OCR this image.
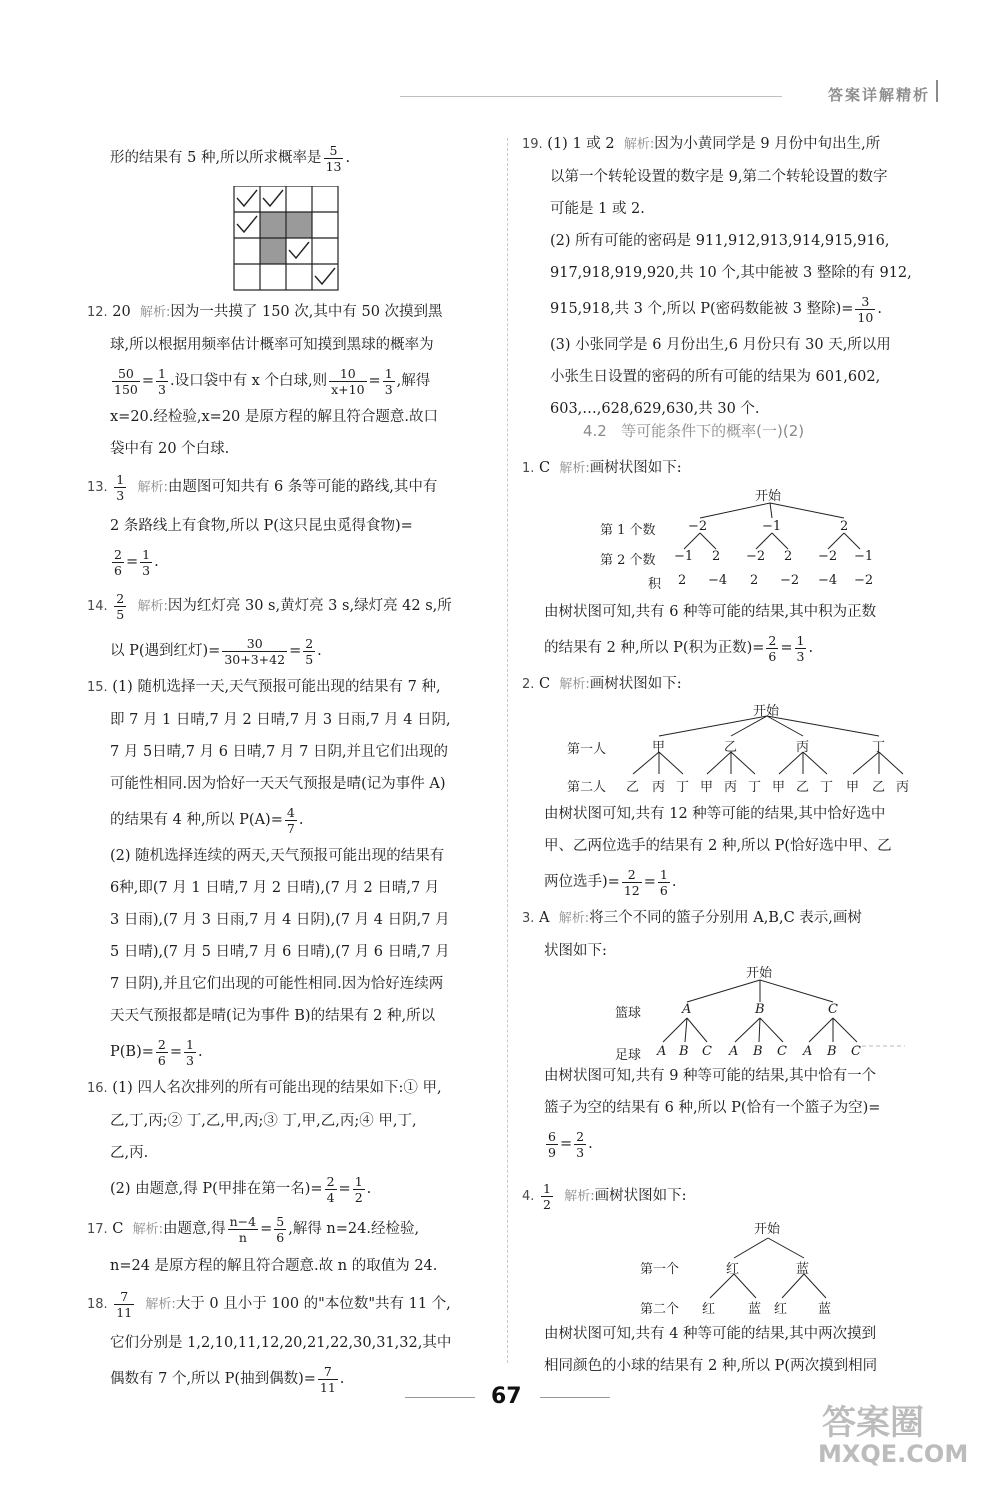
答案详解精析

形的结果有 5 种,所以所求概率是 $\frac{5}{13}$ .

12. 20 解析:因为一共摸了 150 次,其中有 50 次摸到黑

球,所以根据用频率估计概率可知摸到黑球的概率为

$\frac{50}{150} = \frac{1}{3}$ .设口袋中有 x 个白球,则 $\frac{10}{x+10} = \frac{1}{3}$ ,解得

x=20.经检验,x=20 是原方程的解且符合题意.故口

袋中有 20 个白球.

13. $\frac{1}{3}$ 解析:由题图可知共有 6 条等可能的路线,其中有

2 条路线上有食物,所以 P(这只昆虫觅得食物)=

$\frac{2}{6} = \frac{1}{3}$ .

14. $\frac{2}{5}$ 解析:因为红灯亮 30 s,黄灯亮 3 s,绿灯亮 42 s,所

以 P(遇到红灯)= $\frac{30}{30+3+42} = \frac{2}{5}$ .

15. (1) 随机选择一天,天气预报可能出现的结果有 7 种,

即 7 月 1 日晴,7 月 2 日晴,7 月 3 日雨,7 月 4 日阴,

7 月 5日晴,7 月 6 日晴,7 月 7 日阴,并且它们出现的

可能性相同.因为恰好一天天气预报是晴(记为事件 A)

的结果有 4 种,所以 $P(A)= \frac{4}{7}$ .

(2) 随机选择连续的两天,天气预报可能出现的结果有

6种,即(7 月 1 日晴,7 月 2 日晴),(7 月 2 日晴,7 月

3 日雨),(7 月 3 日雨,7 月 4 日阴),(7 月 4 日阴,7 月

5 日晴),(7 月 5 日晴,7 月 6 日晴),(7 月 6 日晴,7 月

7 日阴),并且它们出现的可能性相同.因为恰好连续两

天天气预报都是晴(记为事件 B)的结果有 2 种,所以

$P(B)= \frac{2}{6} = \frac{1}{3}$ .

16. (1) 四人名次排列的所有可能出现的结果如下:① 甲,

乙,丁,丙;② 丁,乙,甲,丙;③ 丁,甲,乙,丙;④ 甲,丁,

乙,丙.

(2) 由题意,得 P(甲排在第一名)= $\frac{2}{4} = \frac{1}{2}$ .

17. C 解析:由题意,得 $\frac{n-4}{n} = \frac{5}{6}$ ,解得 n=24.经检验,

n=24 是原方程的解且符合题意.故 n 的取值为 24.

18. $\frac{7}{11}$ 解析:大于 0 且小于 100 的"本位数"共有 11 个,

它们分别是 1,2,10,11,12,20,21,22,30,31,32,其中

偶数有 7 个,所以 P(抽到偶数)= $\frac{7}{11}$ .

19. (1) 1 或 2 解析:因为小黄同学是 9 月份中旬出生,所

以第一个转轮设置的数字是 9,第二个转轮设置的数字

可能是 1 或 2.

(2) 所有可能的密码是 911,912,913,914,915,916,

917,918,919,920,共 10 个,其中能被 3 整除的有 912,

915,918,共 3 个,所以 P(密码数能被 3 整除)= $\frac{3}{10}$ .

(3) 小张同学是 6 月份出生,6 月份只有 30 天,所以用

小张生日设置的密码的所有可能的结果为 601,602,

603,…,628,629,630,共 30 个.

4.2 等可能条件下的概率(一)(2)

1. C 解析:画树状图如下:

开始
第 1 个数 −2	−1	2
第 2 个数 −1 2 −2 2 −2 −1
积 2 −4 2 −2 −4 −2

由树状图可知,共有 6 种等可能的结果,其中积为正数

的结果有 2 种,所以 P(积为正数)= $\frac{2}{6} = \frac{1}{3}$ .

2. C 解析:画树状图如下:

开始
第一人	甲	乙	丙	丁
第二人 乙 丙 丁 甲 丙 丁 甲 乙 丁 甲 乙 丙

由树状图可知,共有 12 种等可能的结果,其中恰好选中

甲、乙两位选手的结果有 2 种,所以 P(恰好选中甲、乙

两位选手)= $\frac{2}{12} = \frac{1}{6}$ .

3. A 解析:将三个不同的篮子分别用 A,B,C 表示,画树

状图如下:

开始
篮球	A	B	C
足球 A B C A B C A B C

由树状图可知,共有 9 种等可能的结果,其中恰有一个

篮子为空的结果有 6 种,所以 P(恰有一个篮子为空)=

$\frac{6}{9} = \frac{2}{3}$ .

4. $\frac{1}{2}$ 解析:画树状图如下:

开始
第一个	红	蓝
第二个 红	蓝 红 蓝

由树状图可知,共有 4 种等可能的结果,其中两次摸到

相同颜色的小球的结果有 2 种,所以 P(两次摸到相同

67
答案圈
MXQE.COM
